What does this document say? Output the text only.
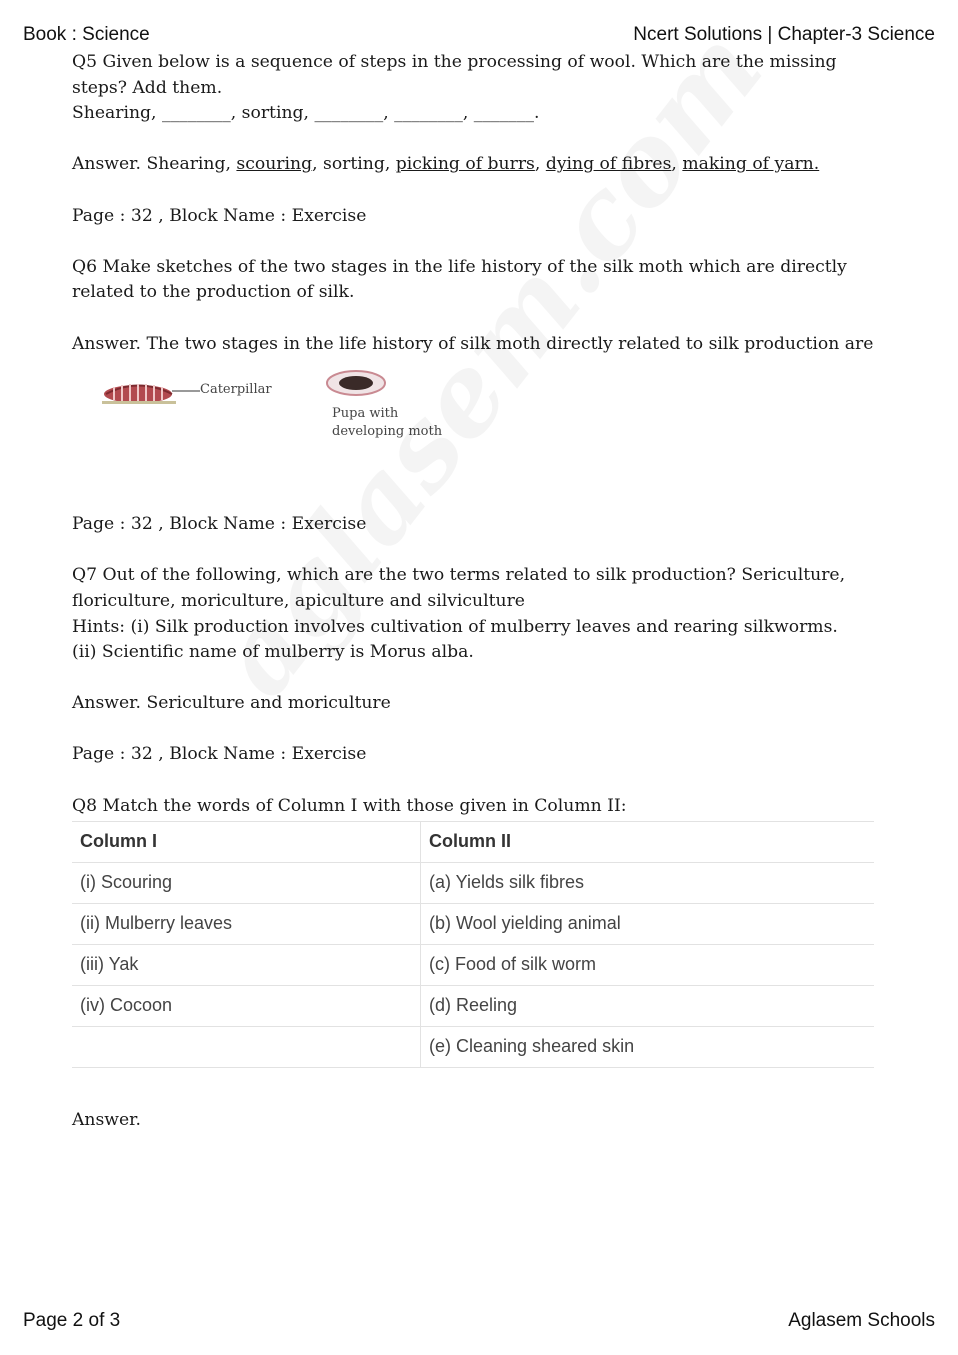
Book : Science	Ncert Solutions | Chapter-3 Science

Q5 Given below is a sequence of steps in the processing of wool. Which are the missing steps? Add them.

Shearing, ________, sorting, ________, ________, _______.

Answer. Shearing, scouring, sorting, picking of burrs, dying of fibres, making of yarn.

Page : 32 , Block Name : Exercise

Q6 Make sketches of the two stages in the life history of the silk moth which are directly related to the production of silk.

Answer. The two stages in the life history of silk moth directly related to silk production are

Caterpillar
Pupa with
developing moth

Page : 32 , Block Name : Exercise

Q7 Out of the following, which are the two terms related to silk production? Sericulture, floriculture, moriculture, apiculture and silviculture

Hints: (i) Silk production involves cultivation of mulberry leaves and rearing silkworms.

(ii) Scientific name of mulberry is Morus alba.

Answer. Sericulture and moriculture

Page : 32 , Block Name : Exercise

Q8 Match the words of Column I with those given in Column II:

Column I	Column II
(i) Scouring	(a) Yields silk fibres
(ii) Mulberry leaves	(b) Wool yielding animal
(iii) Yak	(c) Food of silk worm
(iv) Cocoon	(d) Reeling
	(e) Cleaning sheared skin

Answer.

Page 2 of 3	Aglasem Schools
